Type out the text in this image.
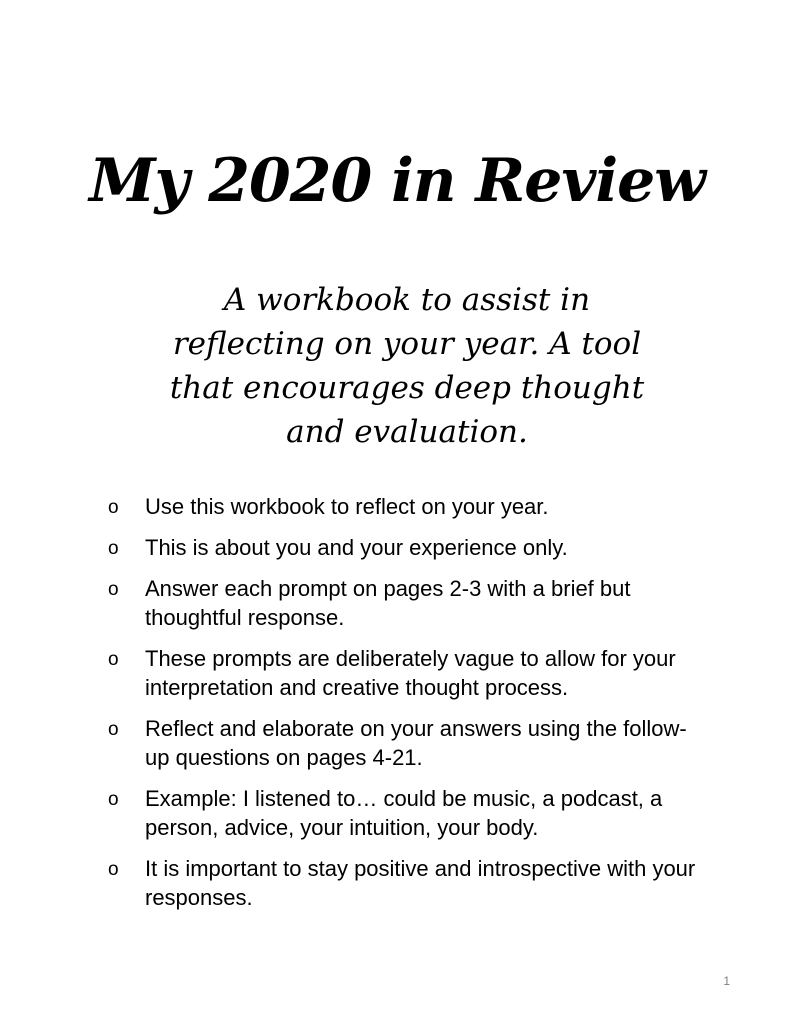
My 2020 in Review

A workbook to assist in reflecting on your year. A tool that encourages deep thought and evaluation.

o Use this workbook to reflect on your year.
o This is about you and your experience only.
o Answer each prompt on pages 2-3 with a brief but thoughtful response.
o These prompts are deliberately vague to allow for your interpretation and creative thought process.
o Reflect and elaborate on your answers using the follow-up questions on pages 4-21.
o Example: I listened to… could be music, a podcast, a person, advice, your intuition, your body.
o It is important to stay positive and introspective with your responses.
1
